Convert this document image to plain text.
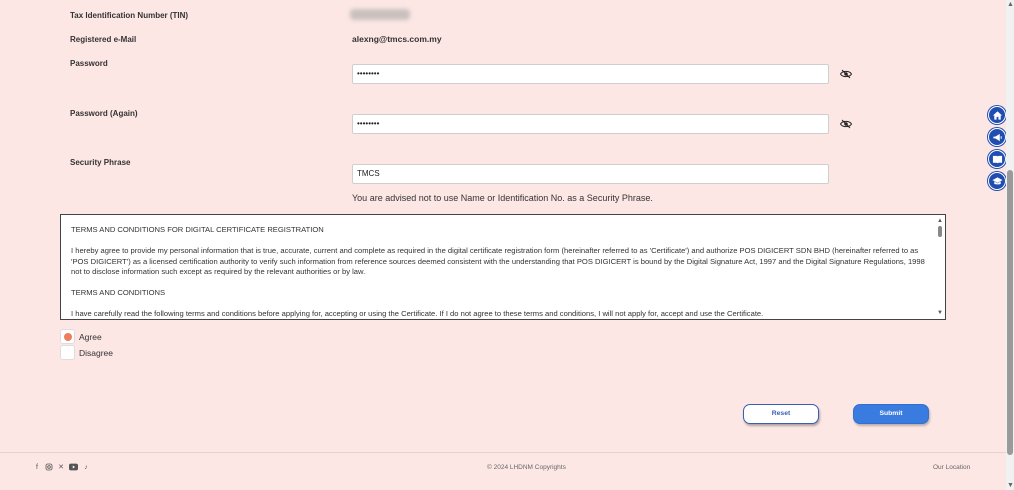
Tax Identification Number (TIN)
Registered e-Mail	alexng@tmcs.com.my
Password
••••••••
Password (Again)
••••••••
Security Phrase
TMCS
You are advised not to use Name or Identification No. as a Security Phrase.

TERMS AND CONDITIONS FOR DIGITAL CERTIFICATE REGISTRATION

I hereby agree to provide my personal information that is true, accurate, current and complete as required in the digital certificate registration form (hereinafter referred to as 'Certificate') and authorize POS DIGICERT SDN BHD (hereinafter referred to as 'POS DIGICERT') as a licensed certification authority to verify such information from reference sources deemed consistent with the understanding that POS DIGICERT is bound by the Digital Signature Act, 1997 and the Digital Signature Regulations, 1998 not to disclose information such except as required by the relevant authorities or by law.

TERMS AND CONDITIONS

I have carefully read the following terms and conditions before applying for, accepting or using the Certificate. If I do not agree to these terms and conditions, I will not apply for, accept and use the Certificate.

▲
▼
Agree
Disagree
Reset	Submit
f	✕	♪	© 2024 LHDNM Copyrights	Our Location
▲
▼
